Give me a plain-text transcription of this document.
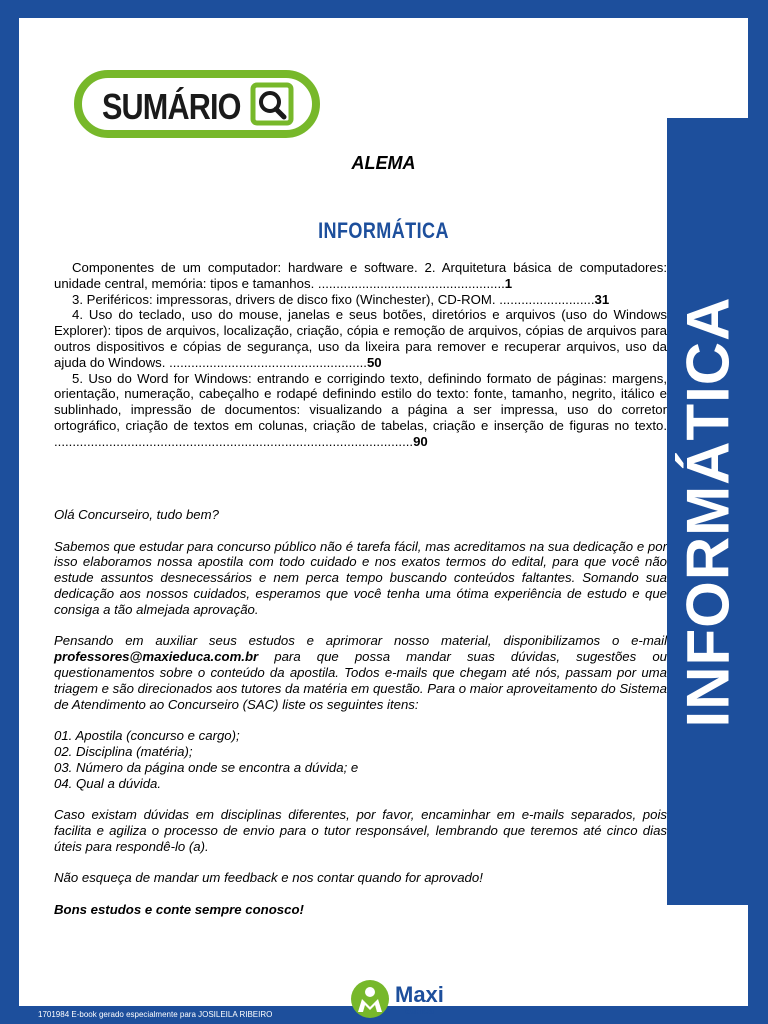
SUMÁRIO
ALEMA
INFORMÁTICA

Componentes de um computador: hardware e software. 2. Arquitetura básica de computadores: unidade central, memória: tipos e tamanhos. ...................................................1

3. Periféricos: impressoras, drivers de disco fixo (Winchester), CD-ROM. ..........................31

4. Uso do teclado, uso do mouse, janelas e seus botões, diretórios e arquivos (uso do Windows Explorer): tipos de arquivos, localização, criação, cópia e remoção de arquivos, cópias de arquivos para outros dispositivos e cópias de segurança, uso da lixeira para remover e recuperar arquivos, uso da ajuda do Windows. ......................................................50

5. Uso do Word for Windows: entrando e corrigindo texto, definindo formato de páginas: margens, orientação, numeração, cabeçalho e rodapé definindo estilo do texto: fonte, tamanho, negrito, itálico e sublinhado, impressão de documentos: visualizando a página a ser impressa, uso do corretor ortográfico, criação de textos em colunas, criação de tabelas, criação e inserção de figuras no texto. ..................................................................................................90

Olá Concurseiro, tudo bem?

Sabemos que estudar para concurso público não é tarefa fácil, mas acreditamos na sua dedicação e por isso elaboramos nossa apostila com todo cuidado e nos exatos termos do edital, para que você não estude assuntos desnecessários e nem perca tempo buscando conteúdos faltantes. Somando sua dedicação aos nossos cuidados, esperamos que você tenha uma ótima experiência de estudo e que consiga a tão almejada aprovação.

Pensando em auxiliar seus estudos e aprimorar nosso material, disponibilizamos o e-mail professores@maxieduca.com.br para que possa mandar suas dúvidas, sugestões ou questionamentos sobre o conteúdo da apostila. Todos e-mails que chegam até nós, passam por uma triagem e são direcionados aos tutores da matéria em questão. Para o maior aproveitamento do Sistema de Atendimento ao Concurseiro (SAC) liste os seguintes itens:

01. Apostila (concurso e cargo);

02. Disciplina (matéria);

03. Número da página onde se encontra a dúvida; e

04. Qual a dúvida.

Caso existam dúvidas em disciplinas diferentes, por favor, encaminhar em e-mails separados, pois facilita e agiliza o processo de envio para o tutor responsável, lembrando que teremos até cinco dias úteis para respondê-lo (a).

Não esqueça de mandar um feedback e nos contar quando for aprovado!

Bons estudos e conte sempre conosco!

Maxi
educa
INFORMÁTICA
1701984 E-book gerado especialmente para JOSILEILA RIBEIRO
